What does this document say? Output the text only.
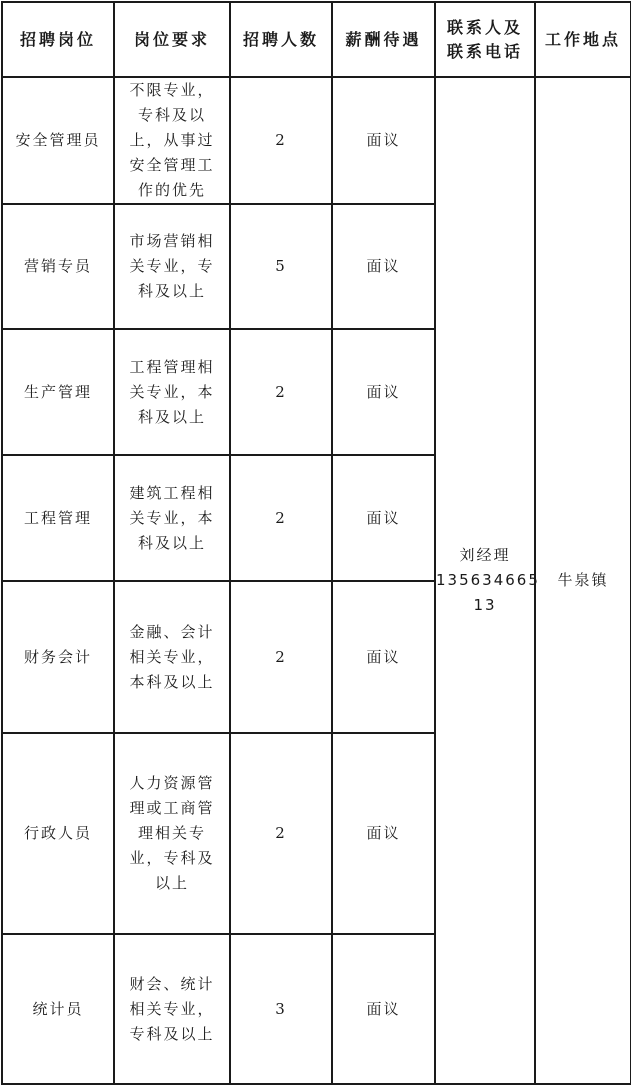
招聘岗位	岗位要求	招聘人数	薪酬待遇	联系人及
联系电话	工作地点
安全管理员	不限专业，
专科及以
上，从事过
安全管理工
作的优先	2	面议	刘经理
135634665
13	牛泉镇
营销专员	市场营销相
关专业，专
科及以上	5	面议		
生产管理	工程管理相
关专业，本
科及以上	2	面议		
工程管理	建筑工程相
关专业，本
科及以上	2	面议		
财务会计	金融、会计
相关专业，
本科及以上	2	面议		
行政人员	人力资源管
理或工商管
理相关专
业，专科及
以上	2	面议		
统计员	财会、统计
相关专业，
专科及以上	3	面议		
